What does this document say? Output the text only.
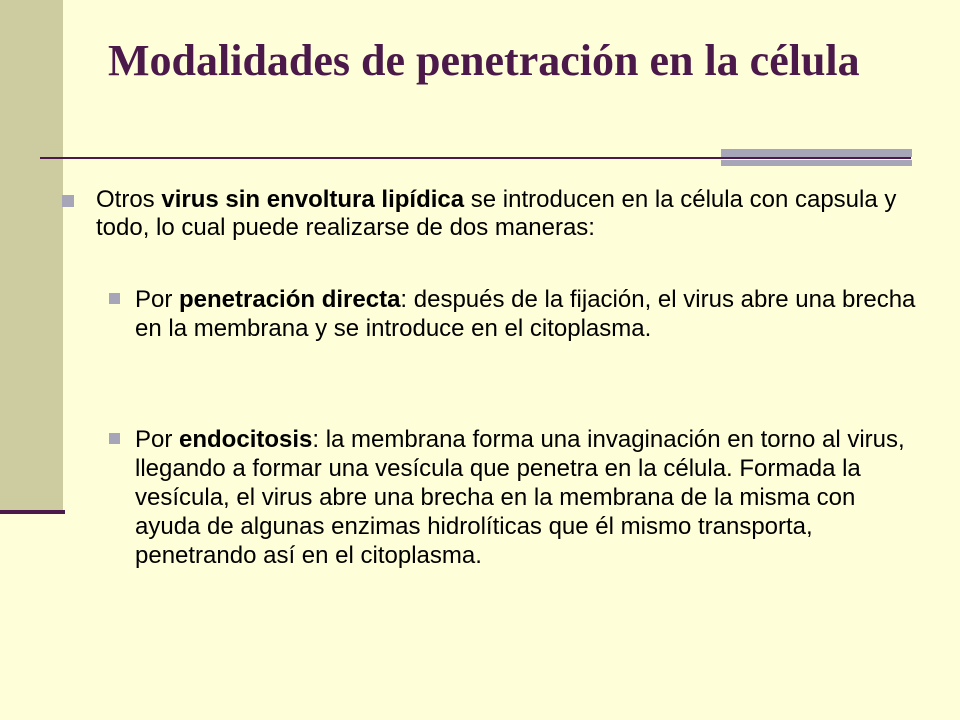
Modalidades de penetración en la célula
Otros virus sin envoltura lipídica se introducen en la célula con capsula y todo, lo cual puede realizarse de dos maneras:
Por penetración directa: después de la fijación, el virus abre una brecha en la membrana y se introduce en el citoplasma.
Por endocitosis: la membrana forma una invaginación en torno al virus, llegando a formar una vesícula que penetra en la célula. Formada la vesícula, el virus abre una brecha en la membrana de la misma con ayuda de algunas enzimas hidrolíticas que él mismo transporta, penetrando así en el citoplasma.
